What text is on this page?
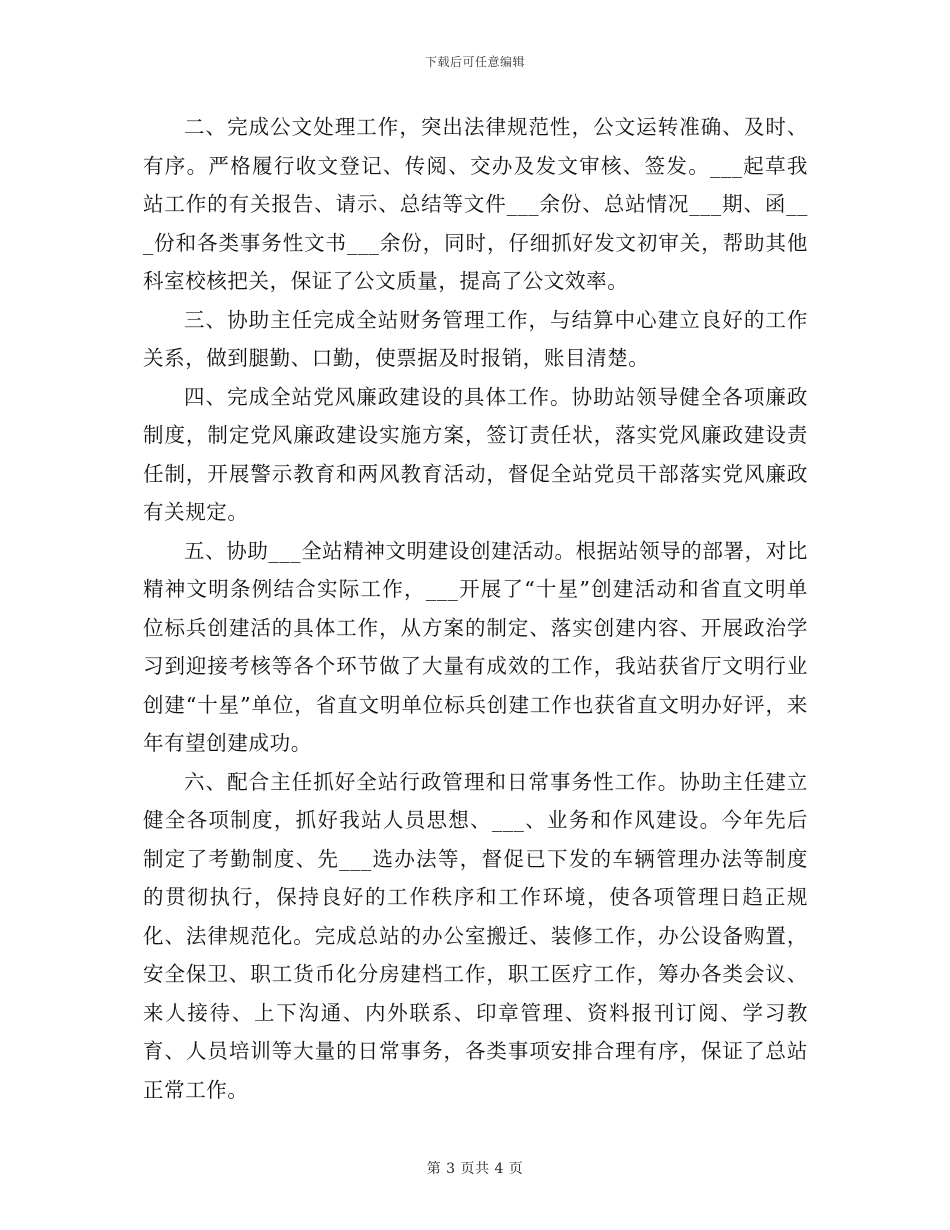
下载后可任意编辑

二、完成公文处理工作，突出法律规范性，公文运转准确、及时、有序。严格履行收文登记、传阅、交办及发文审核、签发。___起草我站工作的有关报告、请示、总结等文件___余份、总站情况___期、函___份和各类事务性文书___余份，同时，仔细抓好发文初审关，帮助其他科室校核把关，保证了公文质量，提高了公文效率。

三、协助主任完成全站财务管理工作，与结算中心建立良好的工作关系，做到腿勤、口勤，使票据及时报销，账目清楚。

四、完成全站党风廉政建设的具体工作。协助站领导健全各项廉政制度，制定党风廉政建设实施方案，签订责任状，落实党风廉政建设责任制，开展警示教育和两风教育活动，督促全站党员干部落实党风廉政有关规定。

五、协助___全站精神文明建设创建活动。根据站领导的部署，对比精神文明条例结合实际工作，___开展了“十星”创建活动和省直文明单位标兵创建活的具体工作，从方案的制定、落实创建内容、开展政治学习到迎接考核等各个环节做了大量有成效的工作，我站获省厅文明行业创建“十星”单位，省直文明单位标兵创建工作也获省直文明办好评，来年有望创建成功。

六、配合主任抓好全站行政管理和日常事务性工作。协助主任建立健全各项制度，抓好我站人员思想、___、业务和作风建设。今年先后制定了考勤制度、先___选办法等，督促已下发的车辆管理办法等制度的贯彻执行，保持良好的工作秩序和工作环境，使各项管理日趋正规化、法律规范化。完成总站的办公室搬迁、装修工作，办公设备购置，安全保卫、职工货币化分房建档工作，职工医疗工作，筹办各类会议、来人接待、上下沟通、内外联系、印章管理、资料报刊订阅、学习教育、人员培训等大量的日常事务，各类事项安排合理有序，保证了总站正常工作。

第 3 页共 4 页
